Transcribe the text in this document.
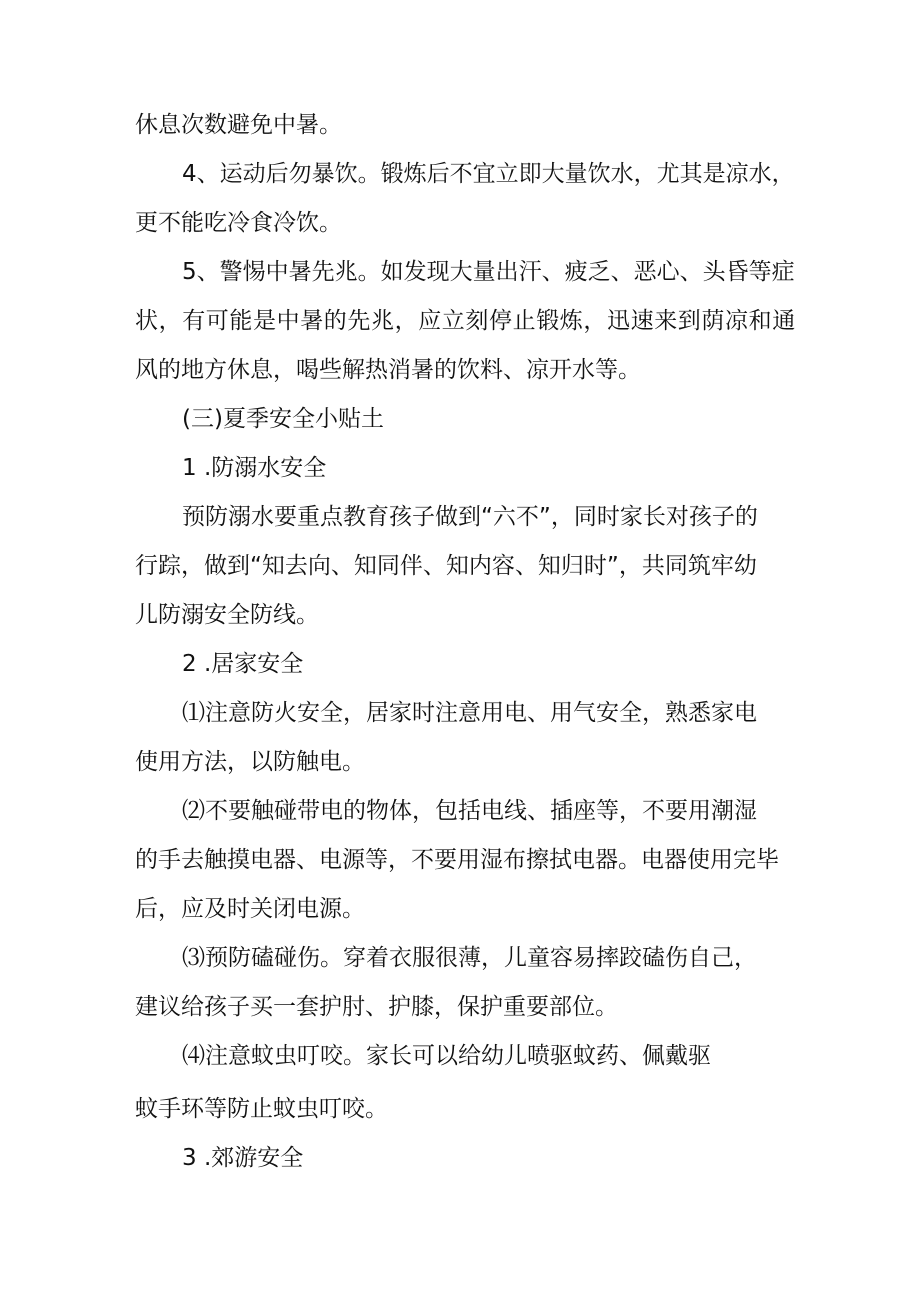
休息次数避免中暑。
4、运动后勿暴饮。锻炼后不宜立即大量饮水，尤其是凉水，
更不能吃冷食冷饮。
5、警惕中暑先兆。如发现大量出汗、疲乏、恶心、头昏等症
状，有可能是中暑的先兆，应立刻停止锻炼，迅速来到荫凉和通
风的地方休息，喝些解热消暑的饮料、凉开水等。
(三)夏季安全小贴土
1 .防溺水安全
预防溺水要重点教育孩子做到“六不”，同时家长对孩子的
行踪，做到“知去向、知同伴、知内容、知归时”，共同筑牢幼
儿防溺安全防线。
2 .居家安全
⑴注意防火安全，居家时注意用电、用气安全，熟悉家电
使用方法，以防触电。
⑵不要触碰带电的物体，包括电线、插座等，不要用潮湿
的手去触摸电器、电源等，不要用湿布擦拭电器。电器使用完毕
后，应及时关闭电源。
⑶预防磕碰伤。穿着衣服很薄，儿童容易摔跤磕伤自己，
建议给孩子买一套护肘、护膝，保护重要部位。
⑷注意蚊虫叮咬。家长可以给幼儿喷驱蚊药、佩戴驱
蚊手环等防止蚊虫叮咬。
3 .郊游安全
